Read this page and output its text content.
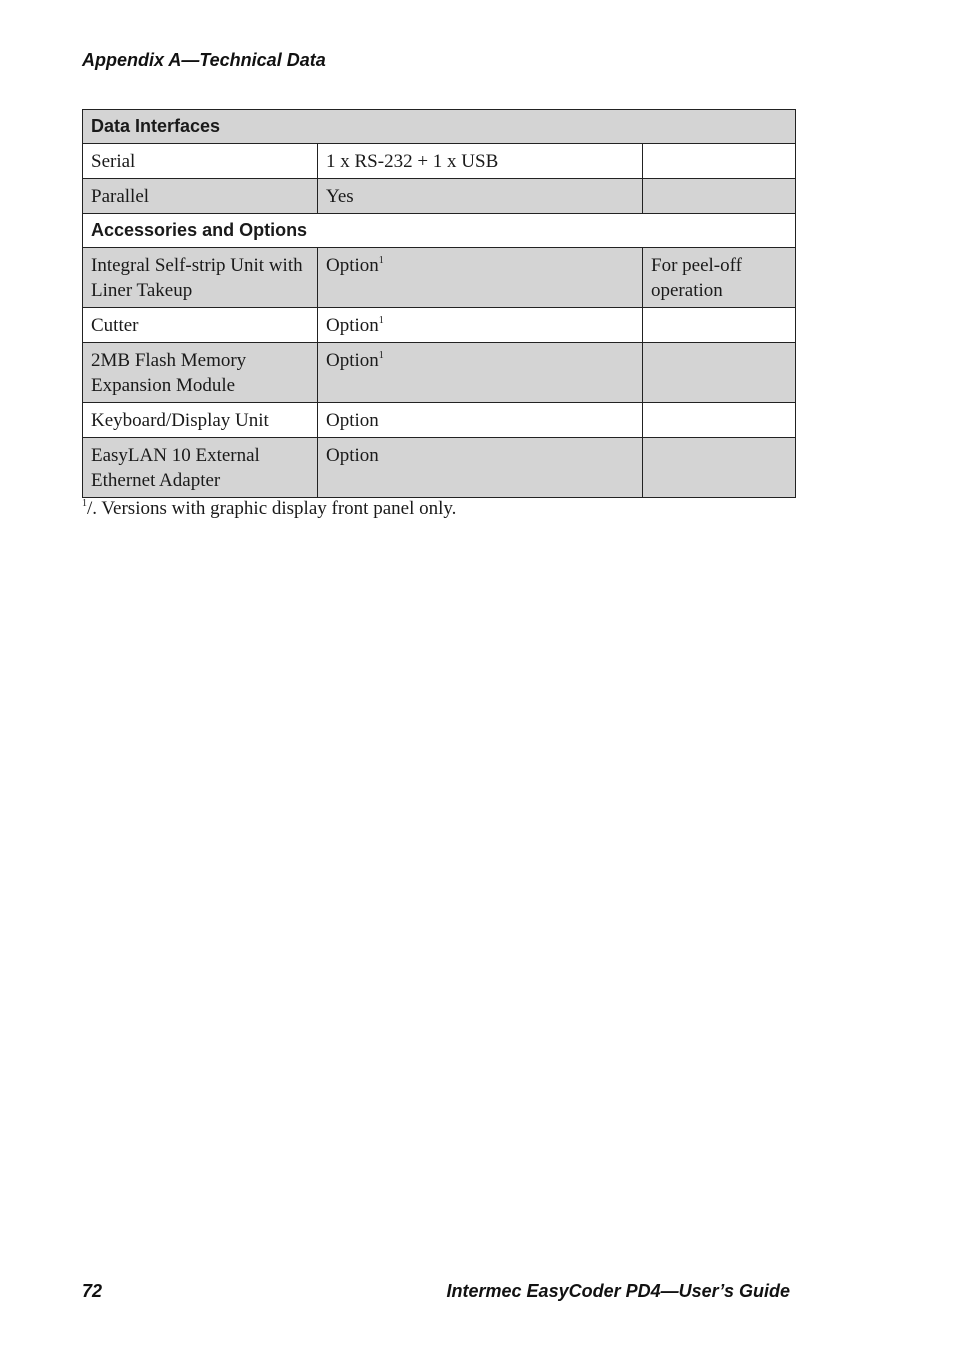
Appendix A—Technical Data
Data Interfaces		
Serial	1 x RS-232 + 1 x USB	
Parallel	Yes	
Accessories and Options		
Integral Self-strip Unit with Liner Takeup	Option$^1$	For peel-off operation
Cutter	Option$^1$	
2MB Flash Memory Expansion Module	Option$^1$	
Keyboard/Display Unit	Option	
EasyLAN 10 External Ethernet Adapter	Option	
$^1$/. Versions with graphic display front panel only.
72	Intermec EasyCoder PD4—User’s Guide
